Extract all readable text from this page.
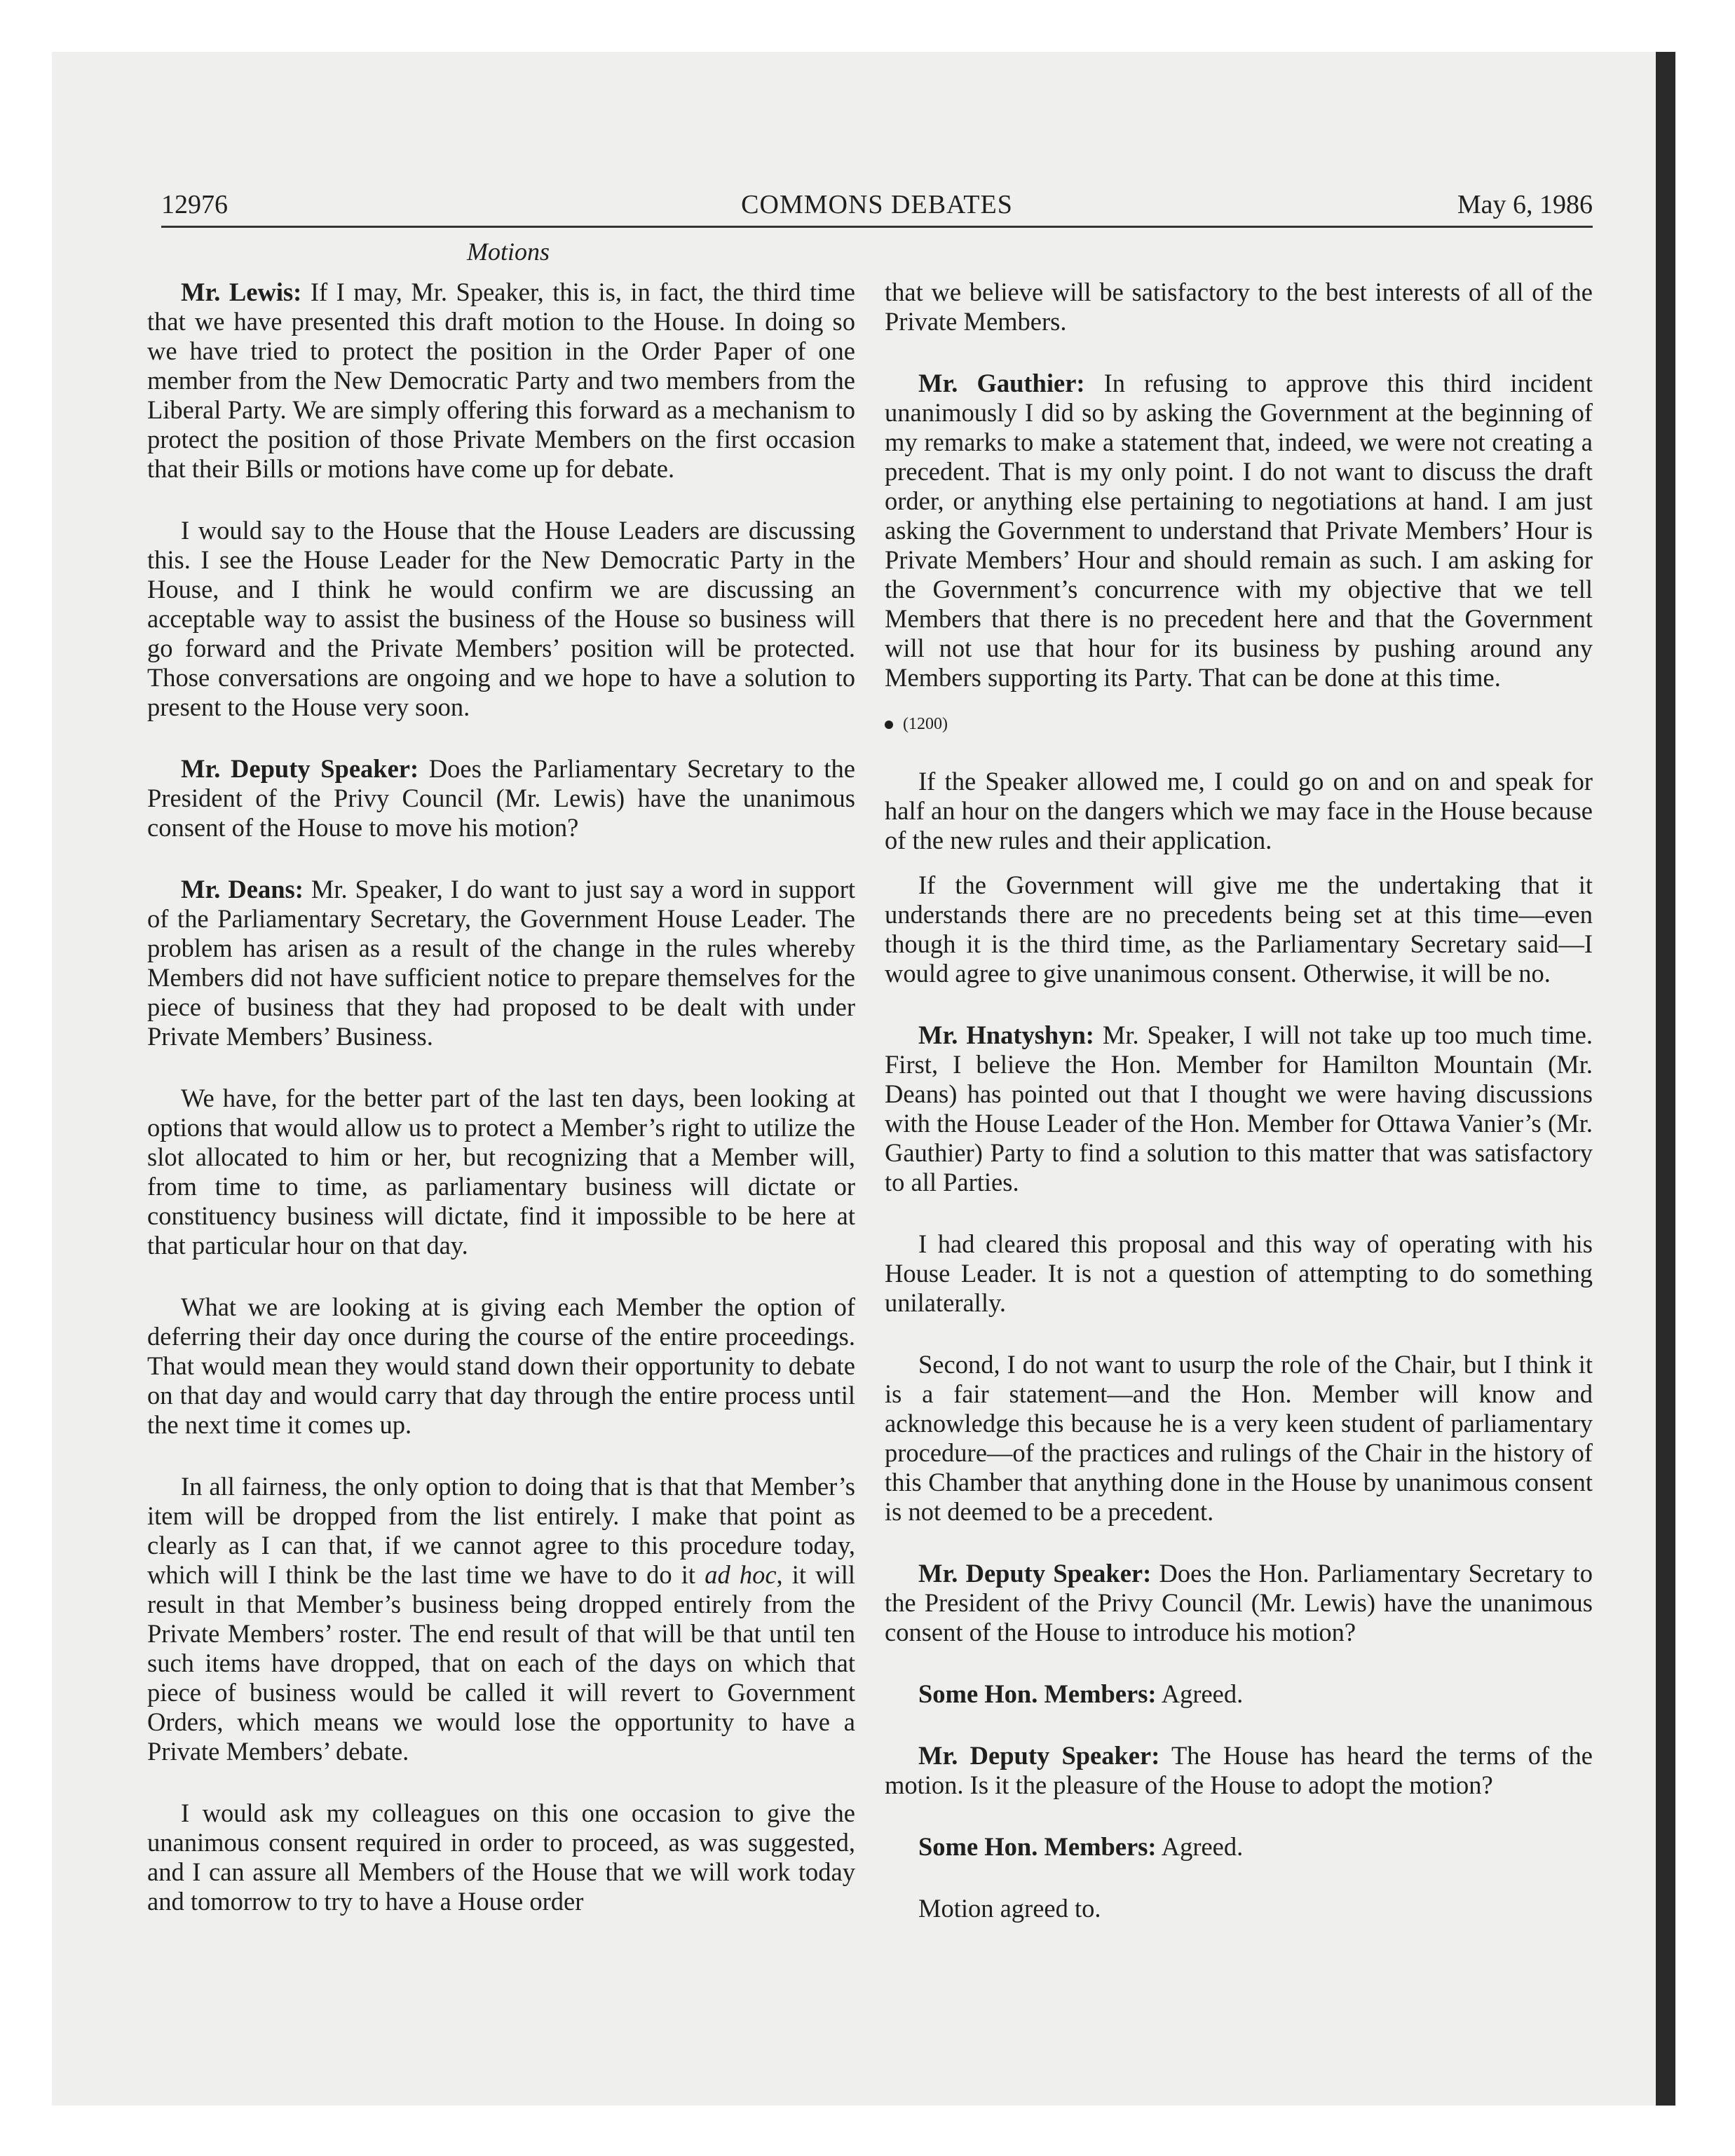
12976	COMMONS DEBATES	May 6, 1986
Motions

Mr. Lewis: If I may, Mr. Speaker, this is, in fact, the third time that we have presented this draft motion to the House. In doing so we have tried to protect the position in the Order Paper of one member from the New Democratic Party and two members from the Liberal Party. We are simply offering this forward as a mechanism to protect the position of those Private Members on the first occasion that their Bills or motions have come up for debate.

I would say to the House that the House Leaders are discussing this. I see the House Leader for the New Democratic Party in the House, and I think he would confirm we are discussing an acceptable way to assist the business of the House so business will go forward and the Private Members’ position will be protected. Those conversations are ongoing and we hope to have a solution to present to the House very soon.

Mr. Deputy Speaker: Does the Parliamentary Secretary to the President of the Privy Council (Mr. Lewis) have the unanimous consent of the House to move his motion?

Mr. Deans: Mr. Speaker, I do want to just say a word in support of the Parliamentary Secretary, the Government House Leader. The problem has arisen as a result of the change in the rules whereby Members did not have sufficient notice to prepare themselves for the piece of business that they had proposed to be dealt with under Private Members’ Business.

We have, for the better part of the last ten days, been looking at options that would allow us to protect a Member’s right to utilize the slot allocated to him or her, but recognizing that a Member will, from time to time, as parliamentary business will dictate or constituency business will dictate, find it impossible to be here at that particular hour on that day.

What we are looking at is giving each Member the option of deferring their day once during the course of the entire proceedings. That would mean they would stand down their opportunity to debate on that day and would carry that day through the entire process until the next time it comes up.

In all fairness, the only option to doing that is that that Member’s item will be dropped from the list entirely. I make that point as clearly as I can that, if we cannot agree to this procedure today, which will I think be the last time we have to do it ad hoc, it will result in that Member’s business being dropped entirely from the Private Members’ roster. The end result of that will be that until ten such items have dropped, that on each of the days on which that piece of business would be called it will revert to Government Orders, which means we would lose the opportunity to have a Private Members’ debate.

I would ask my colleagues on this one occasion to give the unanimous consent required in order to proceed, as was suggested, and I can assure all Members of the House that we will work today and tomorrow to try to have a House order

that we believe will be satisfactory to the best interests of all of the Private Members.

Mr. Gauthier: In refusing to approve this third incident unanimously I did so by asking the Government at the beginning of my remarks to make a statement that, indeed, we were not creating a precedent. That is my only point. I do not want to discuss the draft order, or anything else pertaining to negotiations at hand. I am just asking the Government to understand that Private Members’ Hour is Private Members’ Hour and should remain as such. I am asking for the Government’s concurrence with my objective that we tell Members that there is no precedent here and that the Government will not use that hour for its business by pushing around any Members supporting its Party. That can be done at this time.

(1200)

If the Speaker allowed me, I could go on and on and speak for half an hour on the dangers which we may face in the House because of the new rules and their application.

If the Government will give me the undertaking that it understands there are no precedents being set at this time—even though it is the third time, as the Parliamentary Secretary said—I would agree to give unanimous consent. Otherwise, it will be no.

Mr. Hnatyshyn: Mr. Speaker, I will not take up too much time. First, I believe the Hon. Member for Hamilton Mountain (Mr. Deans) has pointed out that I thought we were having discussions with the House Leader of the Hon. Member for Ottawa Vanier’s (Mr. Gauthier) Party to find a solution to this matter that was satisfactory to all Parties.

I had cleared this proposal and this way of operating with his House Leader. It is not a question of attempting to do something unilaterally.

Second, I do not want to usurp the role of the Chair, but I think it is a fair statement—and the Hon. Member will know and acknowledge this because he is a very keen student of parliamentary procedure—of the practices and rulings of the Chair in the history of this Chamber that anything done in the House by unanimous consent is not deemed to be a precedent.

Mr. Deputy Speaker: Does the Hon. Parliamentary Secretary to the President of the Privy Council (Mr. Lewis) have the unanimous consent of the House to introduce his motion?

Some Hon. Members: Agreed.

Mr. Deputy Speaker: The House has heard the terms of the motion. Is it the pleasure of the House to adopt the motion?

Some Hon. Members: Agreed.

Motion agreed to.
